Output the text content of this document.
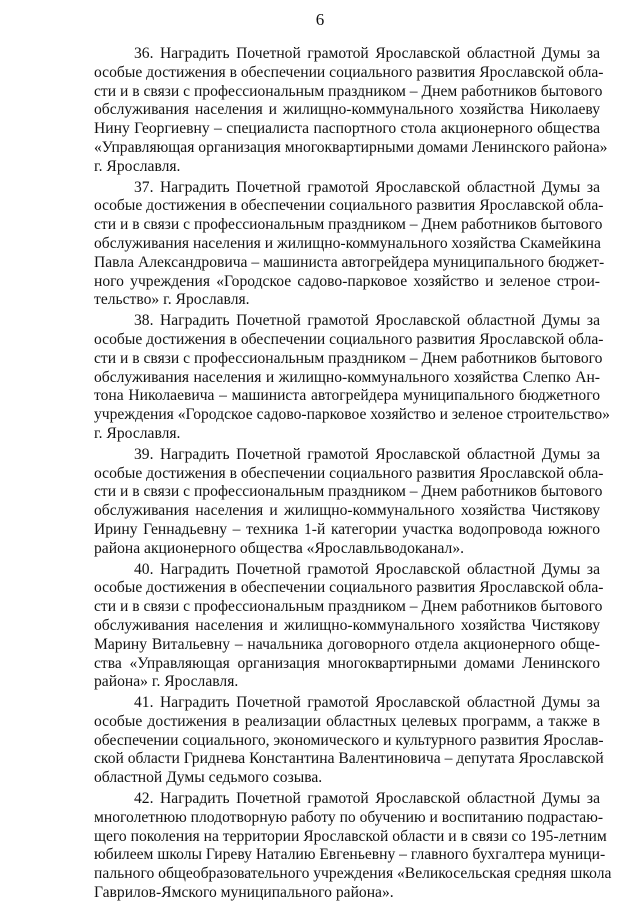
6
36. Наградить Почетной грамотой Ярославской областной Думы за
особые достижения в обеспечении социального развития Ярославской обла-
сти и в связи с профессиональным праздником – Днем работников бытового
обслуживания населения и жилищно-коммунального хозяйства Николаеву
Нину Георгиевну – специалиста паспортного стола акционерного общества
«Управляющая организация многоквартирными домами Ленинского района»
г. Ярославля.
37. Наградить Почетной грамотой Ярославской областной Думы за
особые достижения в обеспечении социального развития Ярославской обла-
сти и в связи с профессиональным праздником – Днем работников бытового
обслуживания населения и жилищно-коммунального хозяйства Скамейкина
Павла Александровича – машиниста автогрейдера муниципального бюджет-
ного учреждения «Городское садово-парковое хозяйство и зеленое строи-
тельство» г. Ярославля.
38. Наградить Почетной грамотой Ярославской областной Думы за
особые достижения в обеспечении социального развития Ярославской обла-
сти и в связи с профессиональным праздником – Днем работников бытового
обслуживания населения и жилищно-коммунального хозяйства Слепко Ан-
тона Николаевича – машиниста автогрейдера муниципального бюджетного
учреждения «Городское садово-парковое хозяйство и зеленое строительство»
г. Ярославля.
39. Наградить Почетной грамотой Ярославской областной Думы за
особые достижения в обеспечении социального развития Ярославской обла-
сти и в связи с профессиональным праздником – Днем работников бытового
обслуживания населения и жилищно-коммунального хозяйства Чистякову
Ирину Геннадьевну – техника 1-й категории участка водопровода южного
района акционерного общества «Ярославльводоканал».
40. Наградить Почетной грамотой Ярославской областной Думы за
особые достижения в обеспечении социального развития Ярославской обла-
сти и в связи с профессиональным праздником – Днем работников бытового
обслуживания населения и жилищно-коммунального хозяйства Чистякову
Марину Витальевну – начальника договорного отдела акционерного обще-
ства «Управляющая организация многоквартирными домами Ленинского
района» г. Ярославля.
41. Наградить Почетной грамотой Ярославской областной Думы за
особые достижения в реализации областных целевых программ, а также в
обеспечении социального, экономического и культурного развития Ярослав-
ской области Гриднева Константина Валентиновича – депутата Ярославской
областной Думы седьмого созыва.
42. Наградить Почетной грамотой Ярославской областной Думы за
многолетнюю плодотворную работу по обучению и воспитанию подрастаю-
щего поколения на территории Ярославской области и в связи со 195-летним
юбилеем школы Гиреву Наталию Евгеньевну – главного бухгалтера муници-
пального общеобразовательного учреждения «Великосельская средняя школа
Гаврилов-Ямского муниципального района».
